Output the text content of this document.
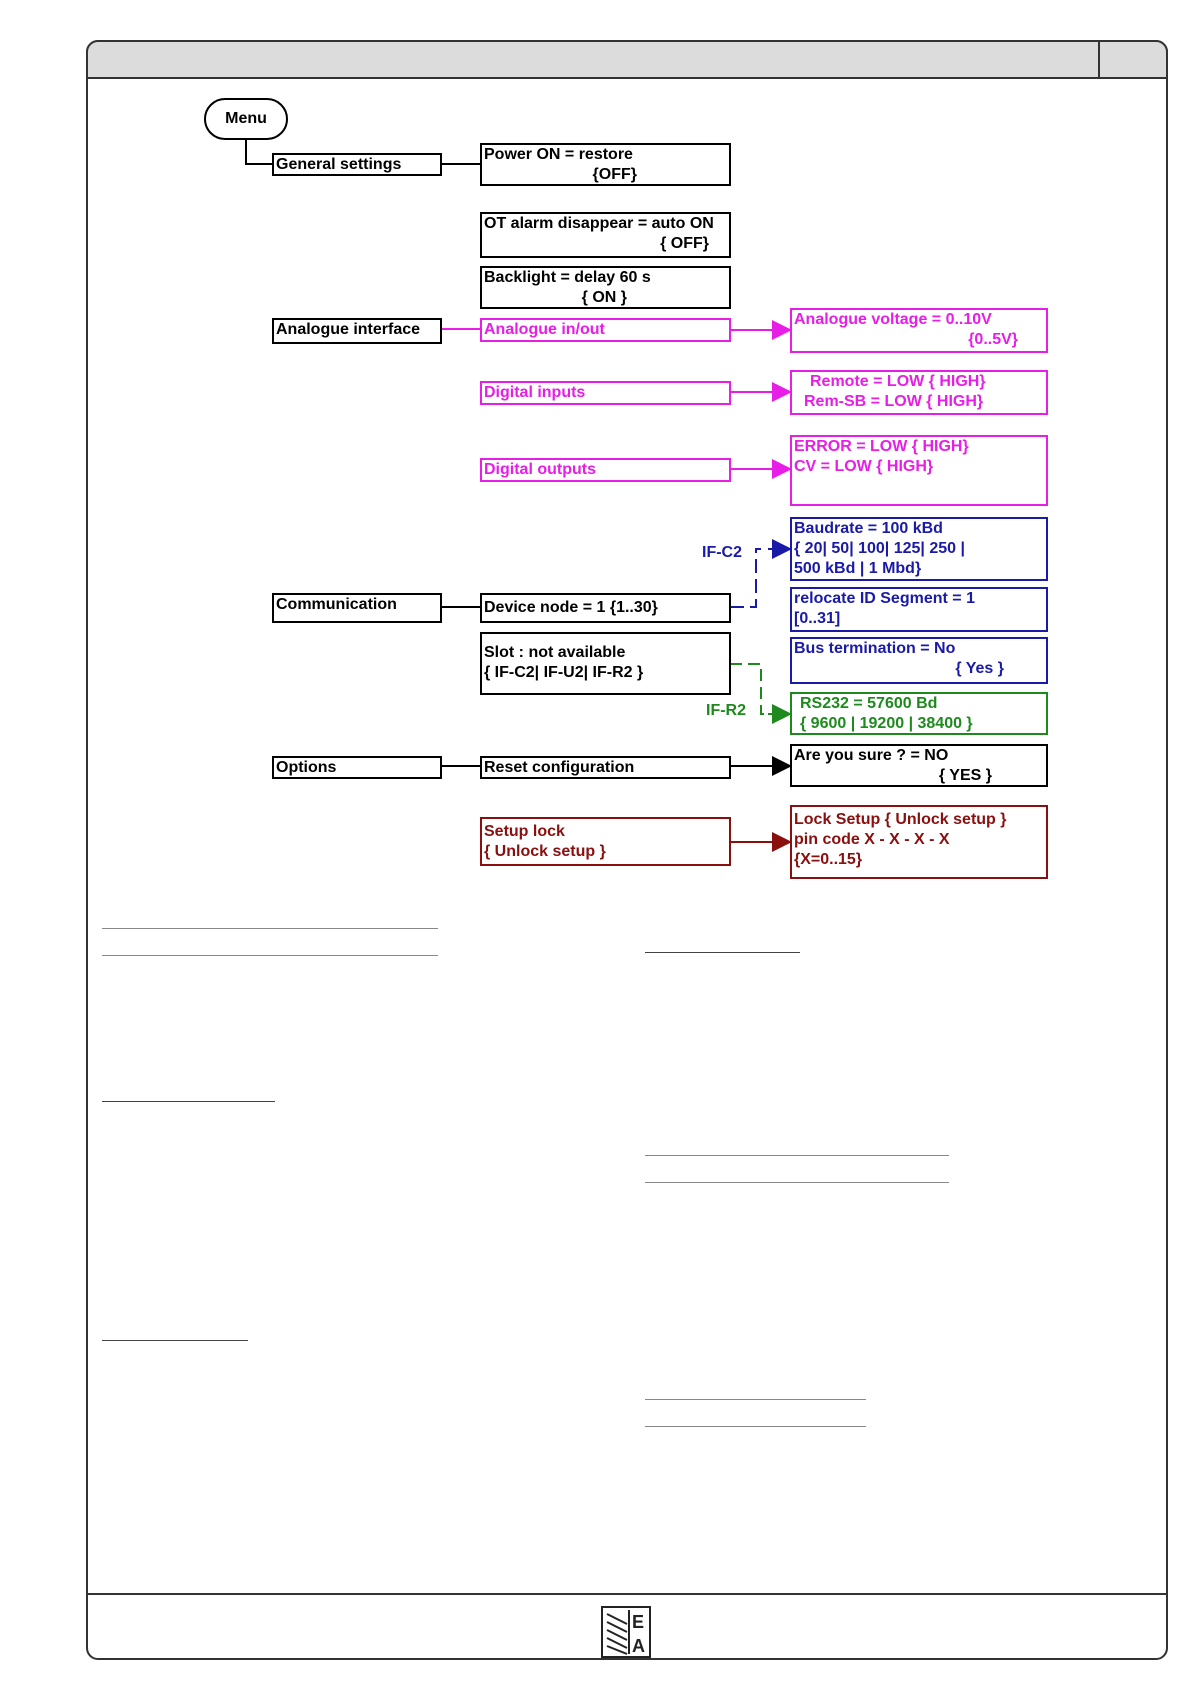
Menu
General settings
Analogue interface
Communication
Options
Power ON = restore
{OFF}
OT alarm disappear = auto ON
{ OFF}
Backlight = delay 60 s
{ ON }
Analogue in/out
Analogue voltage = 0..10V
{0..5V}
Digital inputs
Remote = LOW { HIGH}
Rem-SB = LOW { HIGH}
Digital outputs
ERROR = LOW { HIGH}
CV = LOW { HIGH}
Device node = 1 {1..30}
Slot : not available
{ IF-C2| IF-U2| IF-R2 }
IF-C2
IF-R2
Baudrate = 100 kBd
{ 20| 50| 100| 125| 250 |
500 kBd | 1 Mbd}
relocate ID Segment = 1
[0..31]
Bus termination = No
{ Yes }
RS232 = 57600 Bd
{ 9600 | 19200 | 38400 }
Reset configuration
Are you sure ? = NO
{ YES }
Setup lock
{ Unlock setup }
Lock Setup { Unlock setup }
pin code X - X - X - X
{X=0..15}
E
A
